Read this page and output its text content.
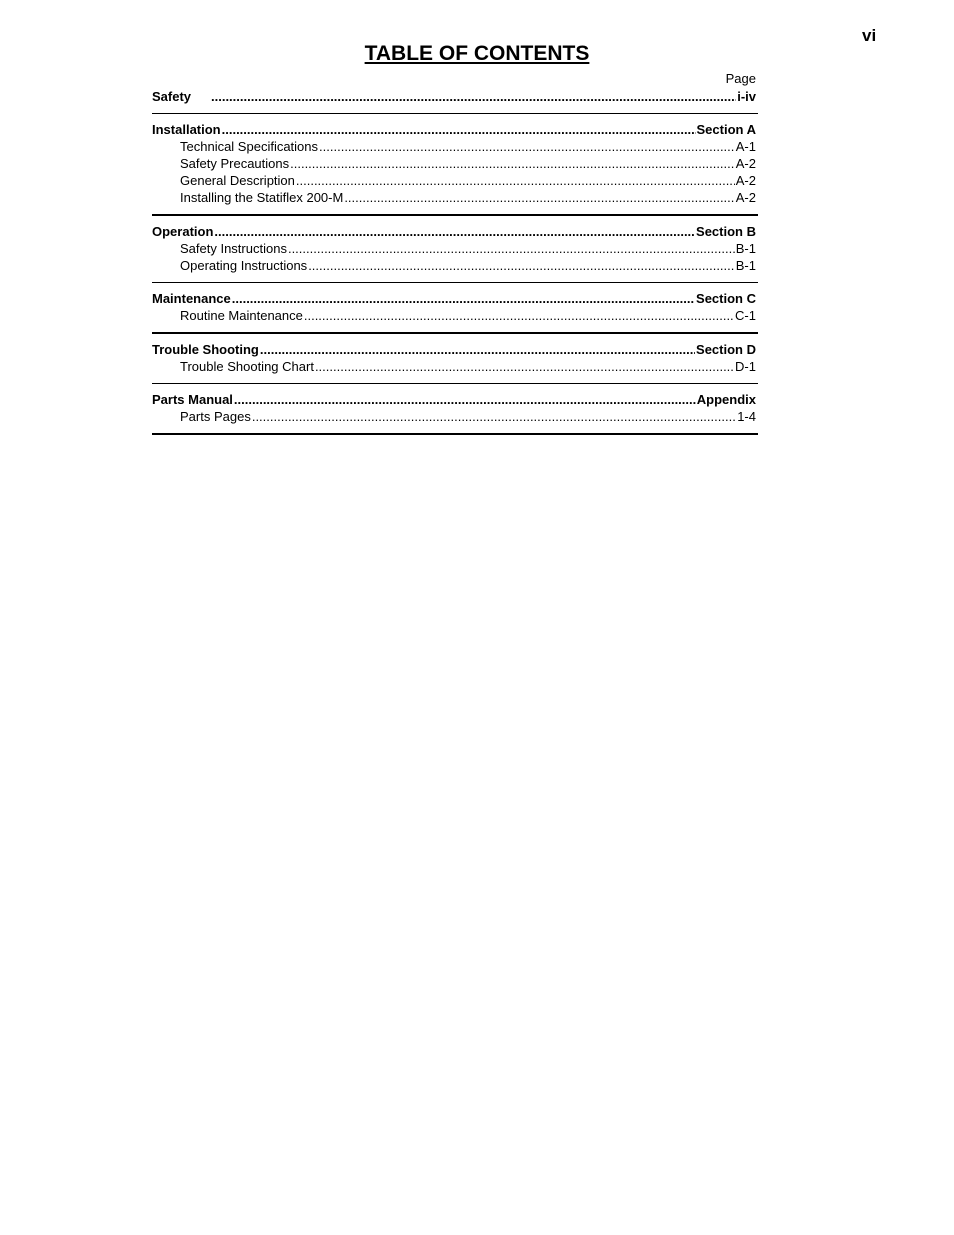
vi
TABLE OF CONTENTS
Page
Safety .....	i-iv
Installation .....	Section A
Technical Specifications .....	A-1
Safety Precautions .....	A-2
General Description .....	A-2
Installing the Statiflex 200-M .....	A-2
Operation .....	Section B
Safety Instructions .....	B-1
Operating Instructions .....	B-1
Maintenance .....	Section C
Routine Maintenance .....	C-1
Trouble Shooting .....	Section D
Trouble Shooting Chart .....	D-1
Parts Manual .....	Appendix
Parts Pages .....	1-4
